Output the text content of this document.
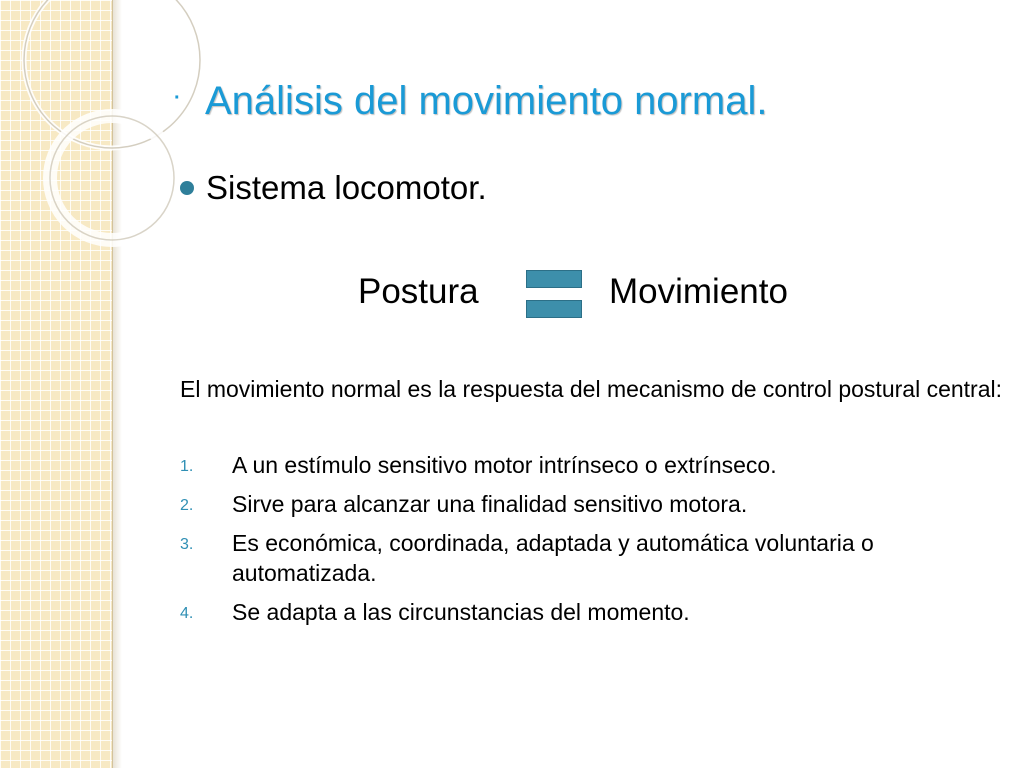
· Análisis del movimiento normal.
Sistema locomotor.
Postura	Movimiento
El movimiento normal es la respuesta del mecanismo de control postural central:
1. A un estímulo sensitivo motor intrínseco o extrínseco.
2. Sirve para alcanzar una finalidad sensitivo motora.
3. Es económica, coordinada, adaptada y automática voluntaria o automatizada.
4. Se adapta a las circunstancias del momento.
